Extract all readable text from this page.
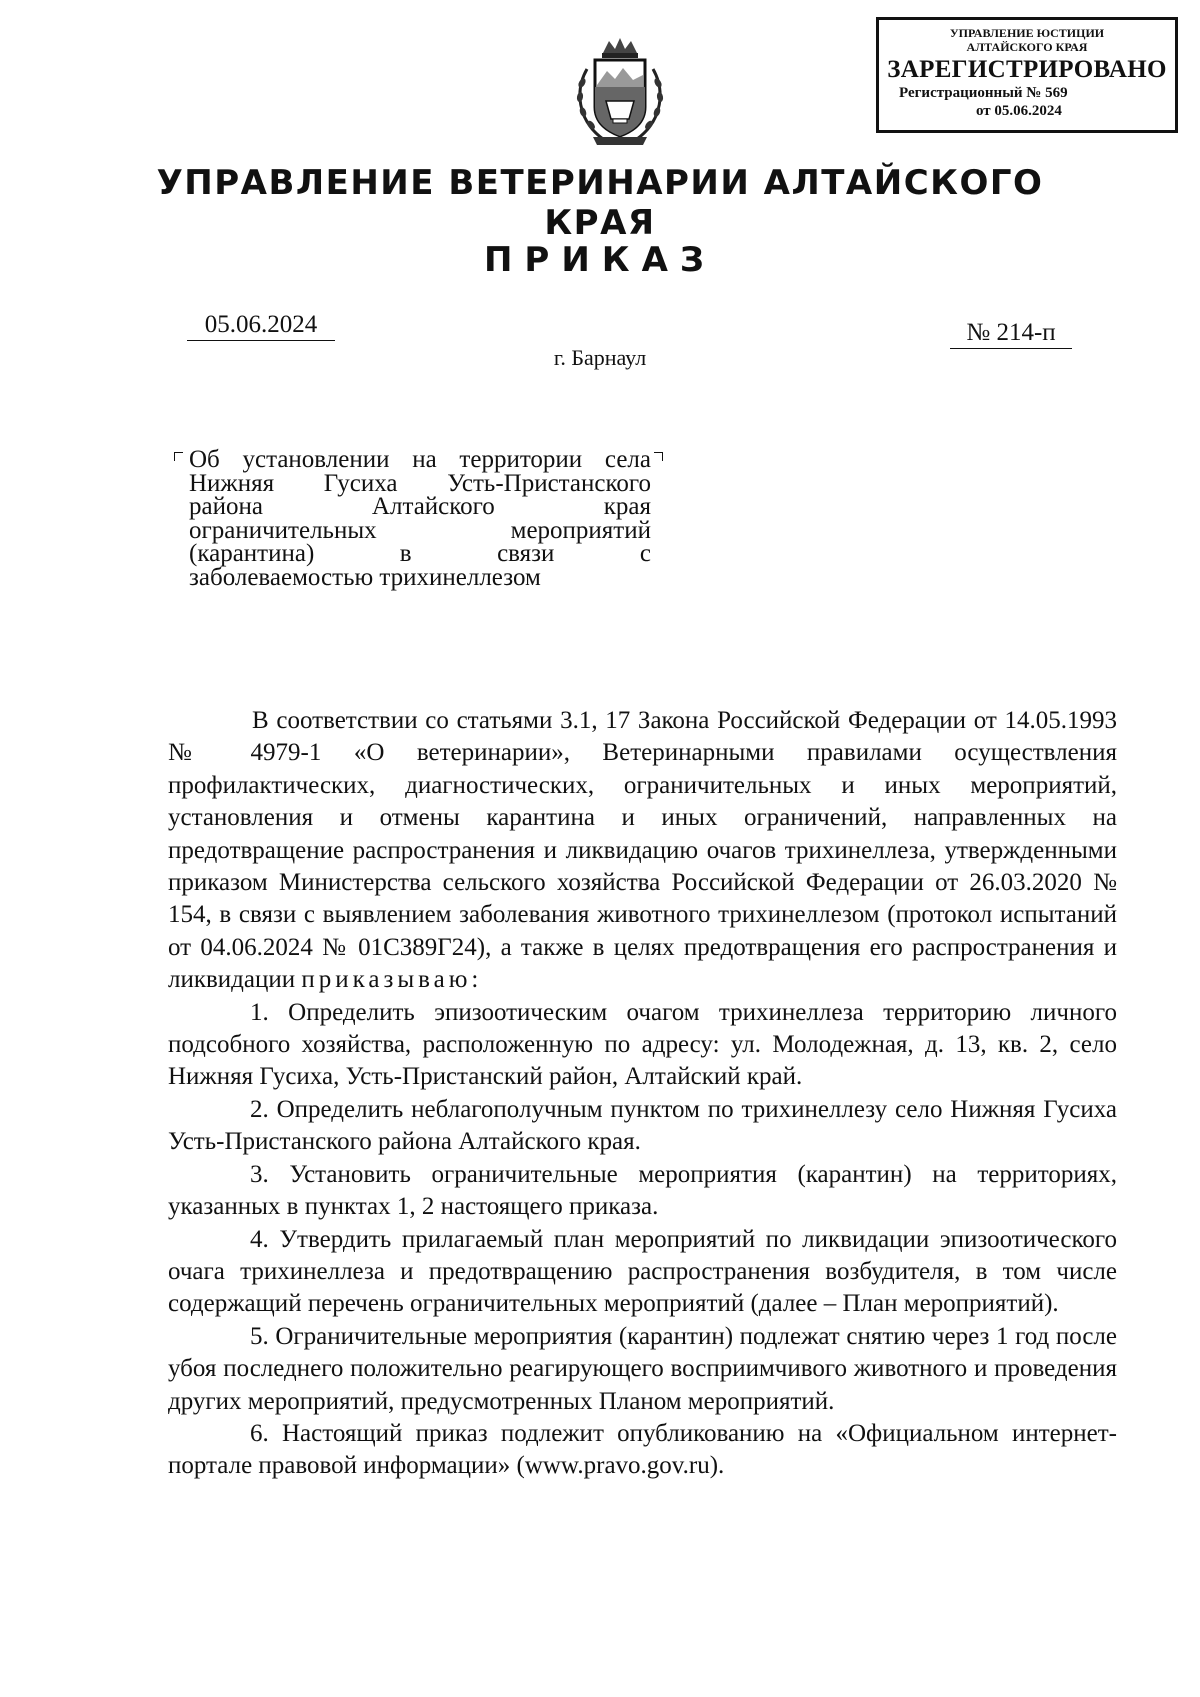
УПРАВЛЕНИЕ ЮСТИЦИИ
АЛТАЙСКОГО КРАЯ
ЗАРЕГИСТРИРОВАНО
Регистрационный № 569
от 05.06.2024
УПРАВЛЕНИЕ ВЕТЕРИНАРИИ АЛТАЙСКОГО КРАЯ
ПРИКАЗ
05.06.2024	№ 214-п
г. Барнаул
Об установлении на территории села
Нижняя Гусиха Усть-Пристанского
района Алтайского края
ограничительных мероприятий
(карантина) в связи с
заболеваемостью трихинеллезом

В соответствии со статьями 3.1, 17 Закона Российской Федерации от 14.05.1993 № 4979-1 «О ветеринарии», Ветеринарными правилами осуществления профилактических, диагностических, ограничительных и иных мероприятий, установления и отмены карантина и иных ограничений, направленных на предотвращение распространения и ликвидацию очагов трихинеллеза, утвержденными приказом Министерства сельского хозяйства Российской Федерации от 26.03.2020 № 154, в связи с выявлением заболевания животного трихинеллезом (протокол испытаний от 04.06.2024 № 01С389Г24), а также в целях предотвращения его распространения и ликвидации приказываю:

1. Определить эпизоотическим очагом трихинеллеза территорию личного подсобного хозяйства, расположенную по адресу: ул. Молодежная, д. 13, кв. 2, село Нижняя Гусиха, Усть-Пристанский район, Алтайский край.

2. Определить неблагополучным пунктом по трихинеллезу село Нижняя Гусиха Усть-Пристанского района Алтайского края.

3. Установить ограничительные мероприятия (карантин) на территориях, указанных в пунктах 1, 2 настоящего приказа.

4. Утвердить прилагаемый план мероприятий по ликвидации эпизоотического очага трихинеллеза и предотвращению распространения возбудителя, в том числе содержащий перечень ограничительных мероприятий (далее – План мероприятий).

5. Ограничительные мероприятия (карантин) подлежат снятию через 1 год после убоя последнего положительно реагирующего восприимчивого животного и проведения других мероприятий, предусмотренных Планом мероприятий.

6. Настоящий приказ подлежит опубликованию на «Официальном интернет-портале правовой информации» (www.pravo.gov.ru).
